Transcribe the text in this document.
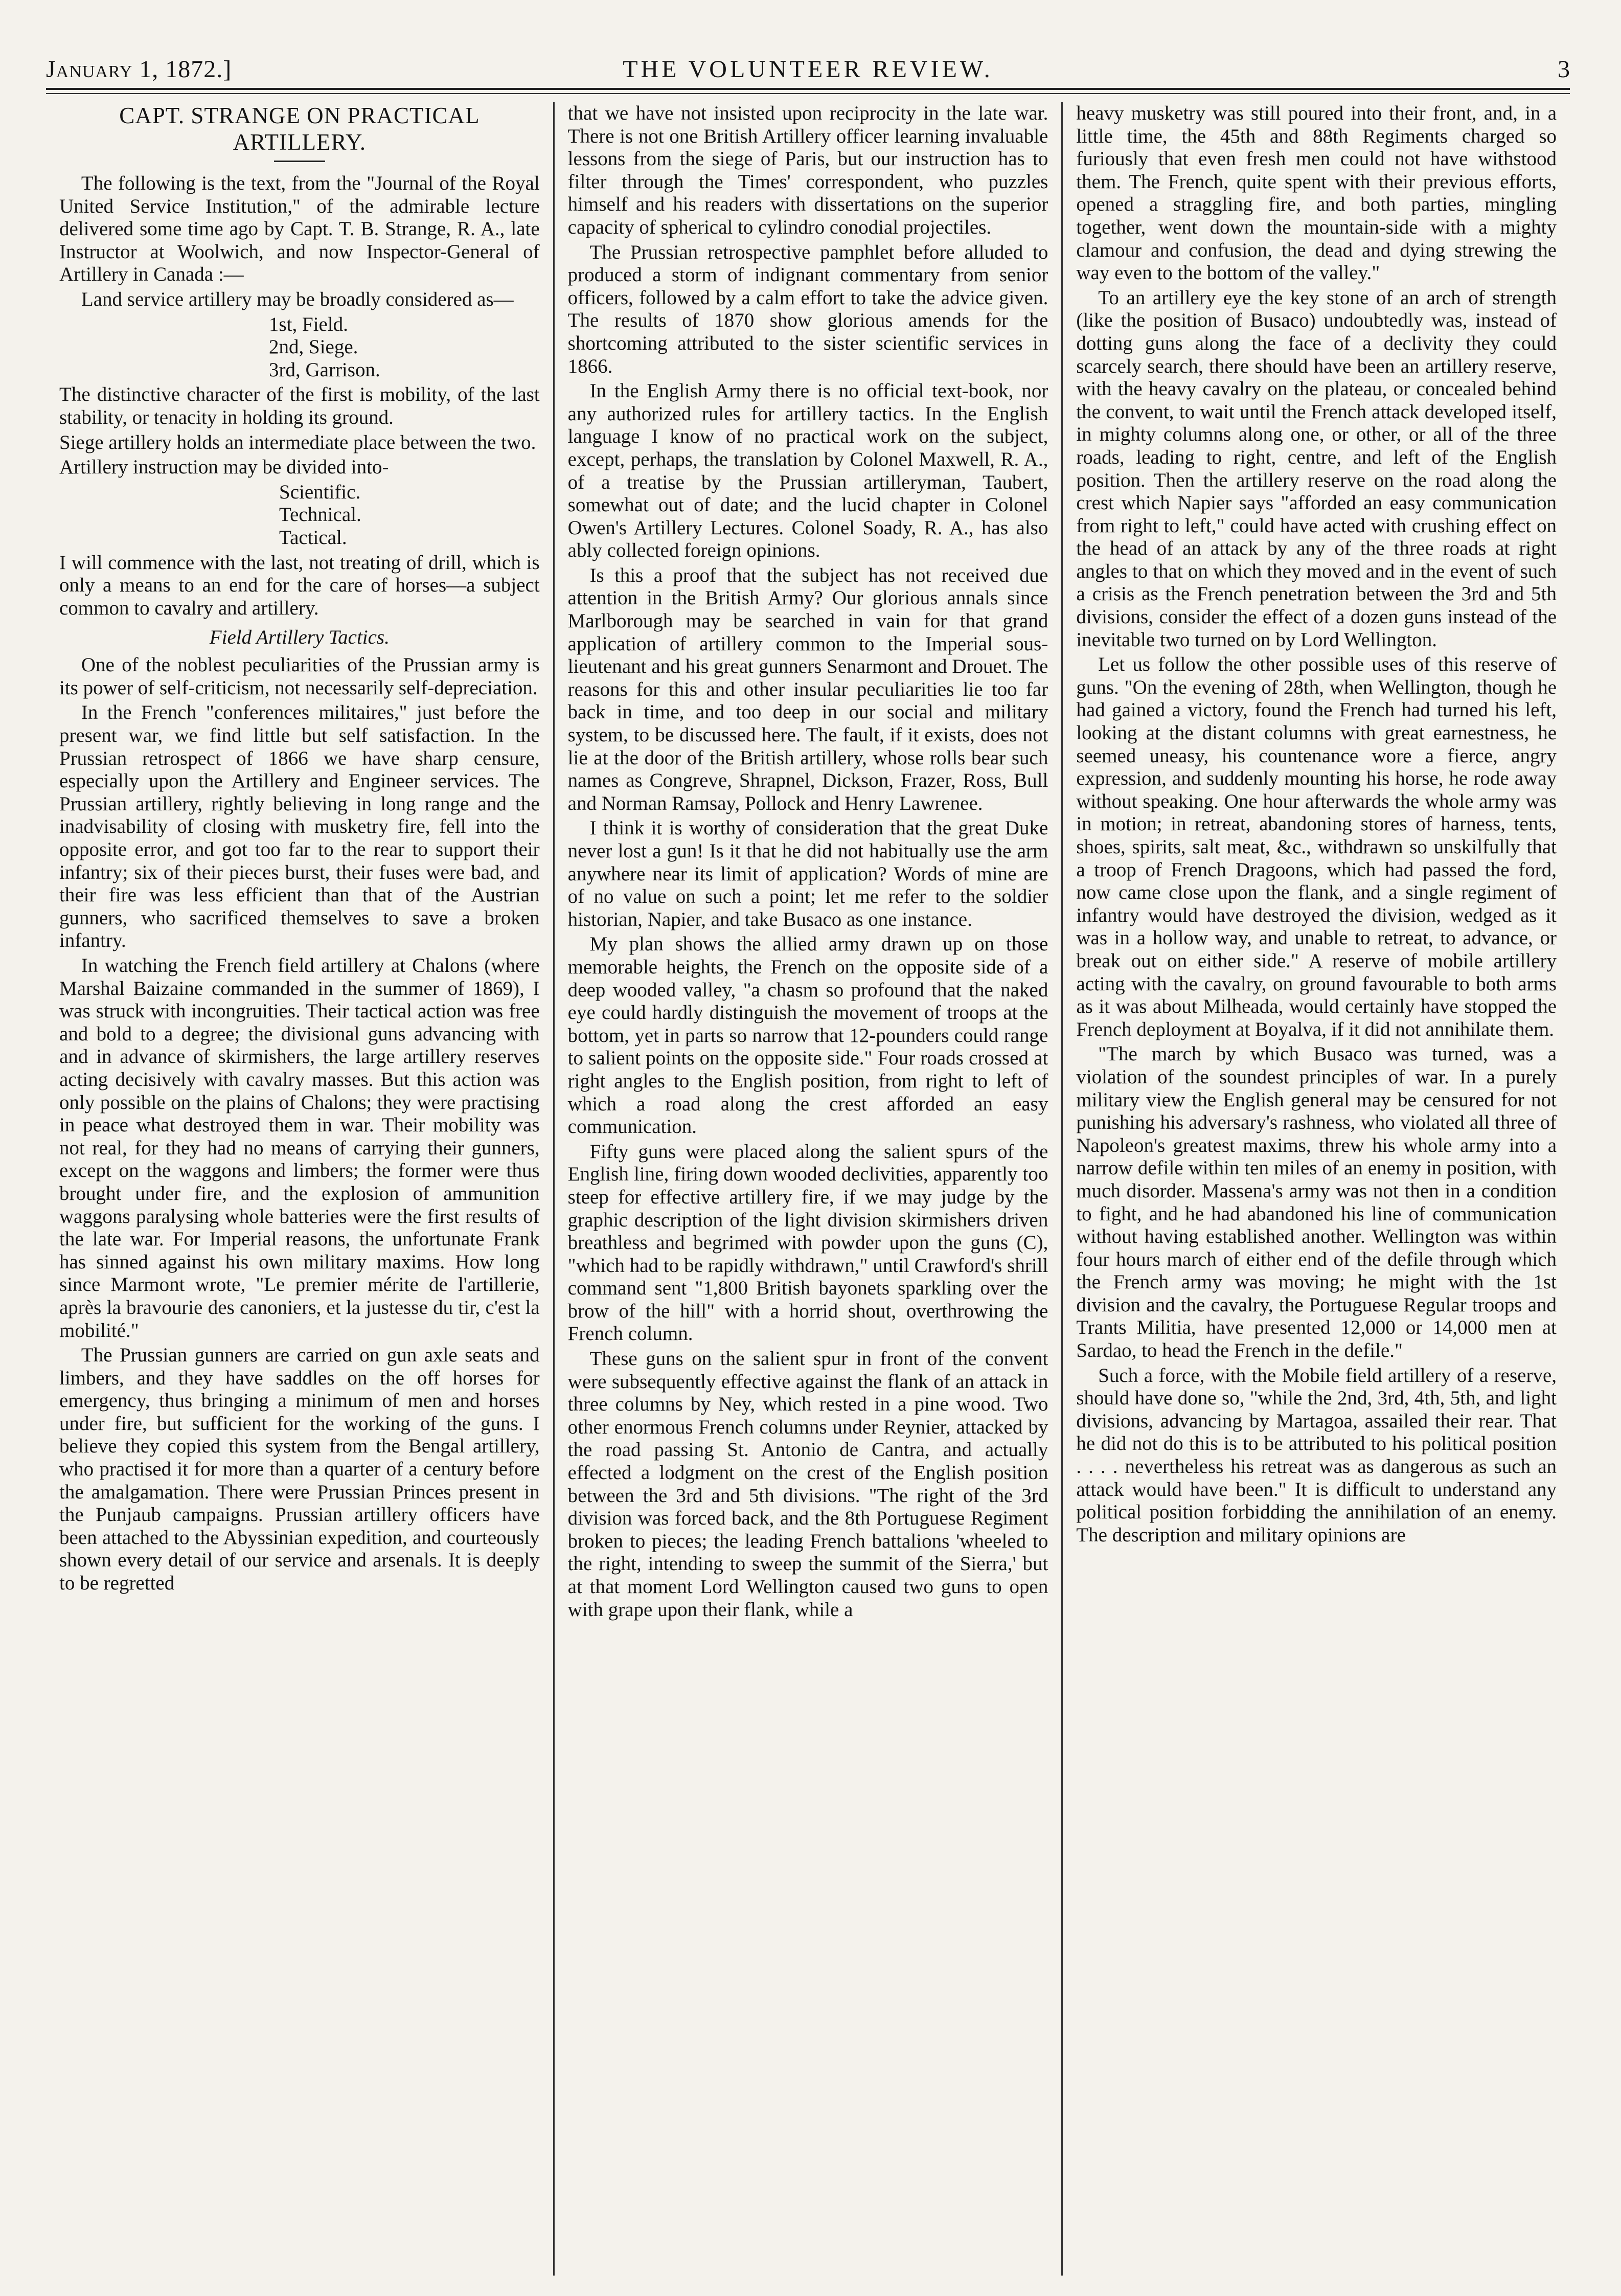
January 1, 1872.]	THE VOLUNTEER REVIEW.	3
CAPT. STRANGE ON PRACTICAL ARTILLERY.

The following is the text, from the "Journal of the Royal United Service Institution," of the admirable lecture delivered some time ago by Capt. T. B. Strange, R. A., late Instructor at Woolwich, and now Inspector-General of Artillery in Canada :—

Land service artillery may be broadly considered as—

1st, Field.
2nd, Siege.
3rd, Garrison.

The distinctive character of the first is mobility, of the last stability, or tenacity in holding its ground.

Siege artillery holds an intermediate place between the two.

Artillery instruction may be divided into-

Scientific.
Technical.
Tactical.

I will commence with the last, not treating of drill, which is only a means to an end for the care of horses—a subject common to cavalry and artillery.

Field Artillery Tactics.

One of the noblest peculiarities of the Prussian army is its power of self-criticism, not necessarily self-depreciation.

In the French "conferences militaires," just before the present war, we find little but self satisfaction. In the Prussian retrospect of 1866 we have sharp censure, especially upon the Artillery and Engineer services. The Prussian artillery, rightly believing in long range and the inadvisability of closing with musketry fire, fell into the opposite error, and got too far to the rear to support their infantry; six of their pieces burst, their fuses were bad, and their fire was less efficient than that of the Austrian gunners, who sacrificed themselves to save a broken infantry.

In watching the French field artillery at Chalons (where Marshal Baizaine commanded in the summer of 1869), I was struck with incongruities. Their tactical action was free and bold to a degree; the divisional guns advancing with and in advance of skirmishers, the large artillery reserves acting decisively with cavalry masses. But this action was only possible on the plains of Chalons; they were practising in peace what destroyed them in war. Their mobility was not real, for they had no means of carrying their gunners, except on the waggons and limbers; the former were thus brought under fire, and the explosion of ammunition waggons paralysing whole batteries were the first results of the late war. For Imperial reasons, the unfortunate Frank has sinned against his own military maxims. How long since Marmont wrote, "Le premier mérite de l'artillerie, après la bravourie des canoniers, et la justesse du tir, c'est la mobilité."

The Prussian gunners are carried on gun axle seats and limbers, and they have saddles on the off horses for emergency, thus bringing a minimum of men and horses under fire, but sufficient for the working of the guns. I believe they copied this system from the Bengal artillery, who practised it for more than a quarter of a century before the amalgamation. There were Prussian Princes present in the Punjaub campaigns. Prussian artillery officers have been attached to the Abyssinian expedition, and courteously shown every detail of our service and arsenals. It is deeply to be regretted

that we have not insisted upon reciprocity in the late war. There is not one British Artillery officer learning invaluable lessons from the siege of Paris, but our instruction has to filter through the Times' correspondent, who puzzles himself and his readers with dissertations on the superior capacity of spherical to cylindro conodial projectiles.

The Prussian retrospective pamphlet before alluded to produced a storm of indignant commentary from senior officers, followed by a calm effort to take the advice given. The results of 1870 show glorious amends for the shortcoming attributed to the sister scientific services in 1866.

In the English Army there is no official text-book, nor any authorized rules for artillery tactics. In the English language I know of no practical work on the subject, except, perhaps, the translation by Colonel Maxwell, R. A., of a treatise by the Prussian artilleryman, Taubert, somewhat out of date; and the lucid chapter in Colonel Owen's Artillery Lectures. Colonel Soady, R. A., has also ably collected foreign opinions.

Is this a proof that the subject has not received due attention in the British Army? Our glorious annals since Marlborough may be searched in vain for that grand application of artillery common to the Imperial sous-lieutenant and his great gunners Senarmont and Drouet. The reasons for this and other insular peculiarities lie too far back in time, and too deep in our social and military system, to be discussed here. The fault, if it exists, does not lie at the door of the British artillery, whose rolls bear such names as Congreve, Shrapnel, Dickson, Frazer, Ross, Bull and Norman Ramsay, Pollock and Henry Lawrenee.

I think it is worthy of consideration that the great Duke never lost a gun! Is it that he did not habitually use the arm anywhere near its limit of application? Words of mine are of no value on such a point; let me refer to the soldier historian, Napier, and take Busaco as one instance.

My plan shows the allied army drawn up on those memorable heights, the French on the opposite side of a deep wooded valley, "a chasm so profound that the naked eye could hardly distinguish the movement of troops at the bottom, yet in parts so narrow that 12-pounders could range to salient points on the opposite side." Four roads crossed at right angles to the English position, from right to left of which a road along the crest afforded an easy communication.

Fifty guns were placed along the salient spurs of the English line, firing down wooded declivities, apparently too steep for effective artillery fire, if we may judge by the graphic description of the light division skirmishers driven breathless and begrimed with powder upon the guns (C), "which had to be rapidly withdrawn," until Crawford's shrill command sent "1,800 British bayonets sparkling over the brow of the hill" with a horrid shout, overthrowing the French column.

These guns on the salient spur in front of the convent were subsequently effective against the flank of an attack in three columns by Ney, which rested in a pine wood. Two other enormous French columns under Reynier, attacked by the road passing St. Antonio de Cantra, and actually effected a lodgment on the crest of the English position between the 3rd and 5th divisions. "The right of the 3rd division was forced back, and the 8th Portuguese Regiment broken to pieces; the leading French battalions 'wheeled to the right, intending to sweep the summit of the Sierra,' but at that moment Lord Wellington caused two guns to open with grape upon their flank, while a

heavy musketry was still poured into their front, and, in a little time, the 45th and 88th Regiments charged so furiously that even fresh men could not have withstood them. The French, quite spent with their previous efforts, opened a straggling fire, and both parties, mingling together, went down the mountain-side with a mighty clamour and confusion, the dead and dying strewing the way even to the bottom of the valley."

To an artillery eye the key stone of an arch of strength (like the position of Busaco) undoubtedly was, instead of dotting guns along the face of a declivity they could scarcely search, there should have been an artillery reserve, with the heavy cavalry on the plateau, or concealed behind the convent, to wait until the French attack developed itself, in mighty columns along one, or other, or all of the three roads, leading to right, centre, and left of the English position. Then the artillery reserve on the road along the crest which Napier says "afforded an easy communication from right to left," could have acted with crushing effect on the head of an attack by any of the three roads at right angles to that on which they moved and in the event of such a crisis as the French penetration between the 3rd and 5th divisions, consider the effect of a dozen guns instead of the inevitable two turned on by Lord Wellington.

Let us follow the other possible uses of this reserve of guns. "On the evening of 28th, when Wellington, though he had gained a victory, found the French had turned his left, looking at the distant columns with great earnestness, he seemed uneasy, his countenance wore a fierce, angry expression, and suddenly mounting his horse, he rode away without speaking. One hour afterwards the whole army was in motion; in retreat, abandoning stores of harness, tents, shoes, spirits, salt meat, &c., withdrawn so unskilfully that a troop of French Dragoons, which had passed the ford, now came close upon the flank, and a single regiment of infantry would have destroyed the division, wedged as it was in a hollow way, and unable to retreat, to advance, or break out on either side." A reserve of mobile artillery acting with the cavalry, on ground favourable to both arms as it was about Milheada, would certainly have stopped the French deployment at Boyalva, if it did not annihilate them.

"The march by which Busaco was turned, was a violation of the soundest principles of war. In a purely military view the English general may be censured for not punishing his adversary's rashness, who violated all three of Napoleon's greatest maxims, threw his whole army into a narrow defile within ten miles of an enemy in position, with much disorder. Massena's army was not then in a condition to fight, and he had abandoned his line of communication without having established another. Wellington was within four hours march of either end of the defile through which the French army was moving; he might with the 1st division and the cavalry, the Portuguese Regular troops and Trants Militia, have presented 12,000 or 14,000 men at Sardao, to head the French in the defile."

Such a force, with the Mobile field artillery of a reserve, should have done so, "while the 2nd, 3rd, 4th, 5th, and light divisions, advancing by Martagoa, assailed their rear. That he did not do this is to be attributed to his political position . . . . nevertheless his retreat was as dangerous as such an attack would have been." It is difficult to understand any political position forbidding the annihilation of an enemy. The description and military opinions are
